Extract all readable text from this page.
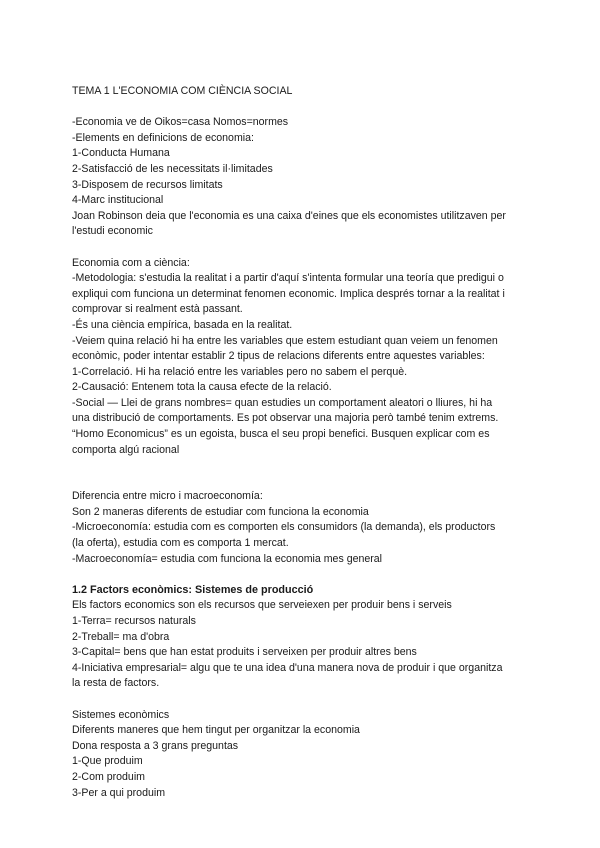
TEMA 1 L'ECONOMIA COM CIÈNCIA SOCIAL

-Economia ve de Oikos=casa Nomos=normes

-Elements en definicions de economia:

1-Conducta Humana

2-Satisfacció de les necessitats il·limitades

3-Disposem de recursos limitats

4-Marc institucional

Joan Robinson deia que l'economia es una caixa d'eines que els economistes utilitzaven per

l'estudi economic

Economia com a ciència:

-Metodologia: s'estudia la realitat i a partir d'aquí s'intenta formular una teoría que predigui o

expliqui com funciona un determinat fenomen economic. Implica després tornar a la realitat i

comprovar si realment està passant.

-És una ciència empírica, basada en la realitat.

-Veiem quina relació hi ha entre les variables que estem estudiant quan veiem un fenomen

econòmic, poder intentar establir 2 tipus de relacions diferents entre aquestes variables:

1-Correlació. Hi ha relació entre les variables pero no sabem el perquè.

2-Causació: Entenem tota la causa efecte de la relació.

-Social — Llei de grans nombres= quan estudies un comportament aleatori o lliures, hi ha

una distribució de comportaments. Es pot observar una majoria però també tenim extrems.

“Homo Economicus” es un egoista, busca el seu propi benefici. Busquen explicar com es

comporta algú racional

Diferencia entre micro i macroeconomía:

Son 2 maneras diferents de estudiar com funciona la economia

-Microeconomía: estudia com es comporten els consumidors (la demanda), els productors

(la oferta), estudia com es comporta 1 mercat.

-Macroeconomía= estudia com funciona la economia mes general

1.2 Factors econòmics: Sistemes de producció

Els factors economics son els recursos que serveiexen per produir bens i serveis

1-Terra= recursos naturals

2-Treball= ma d'obra

3-Capital= bens que han estat produits i serveixen per produir altres bens

4-Iniciativa empresarial= algu que te una idea d'una manera nova de produir i que organitza

la resta de factors.

Sistemes econòmics

Diferents maneres que hem tingut per organitzar la economia

Dona resposta a 3 grans preguntas

1-Que produim

2-Com produim

3-Per a qui produim
